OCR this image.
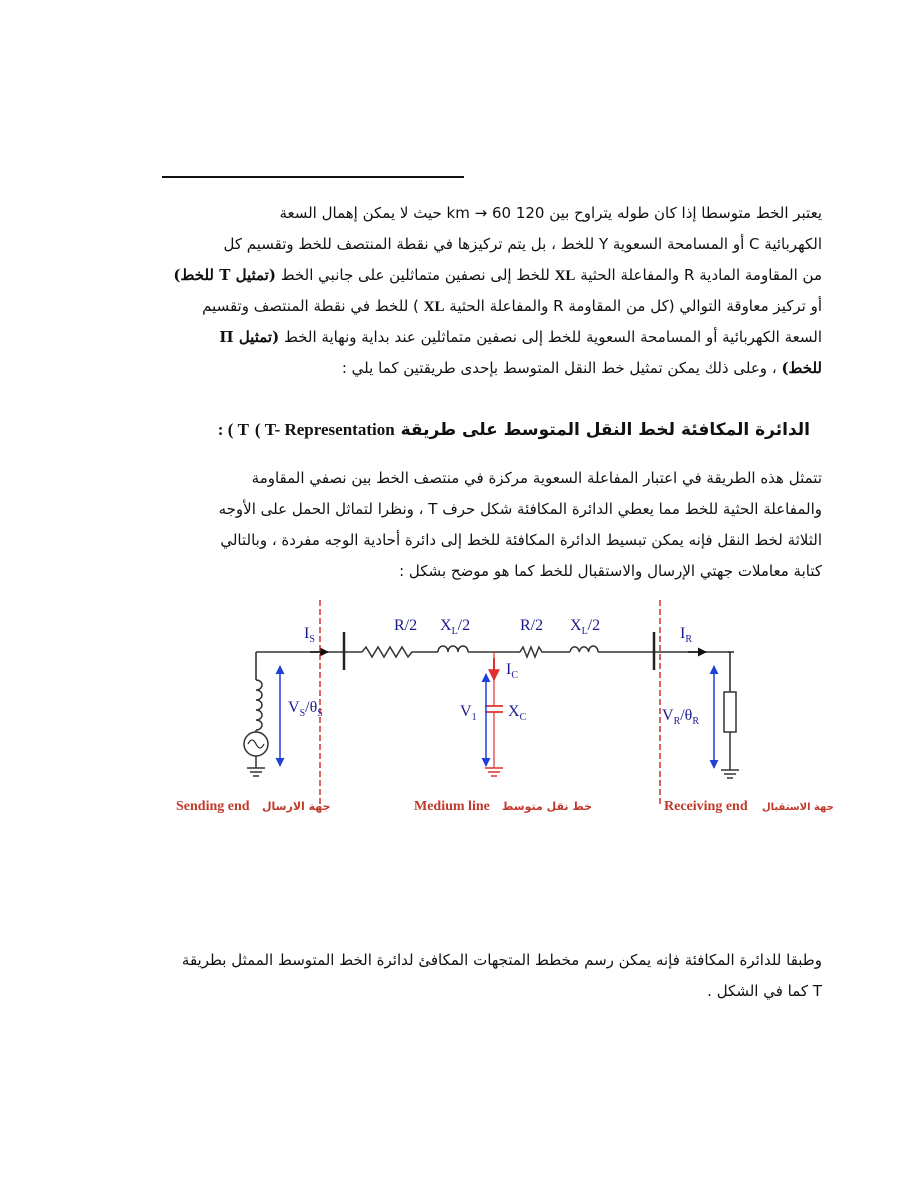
يعتبر الخط متوسطا إذا كان طوله يتراوح بين 120 km → 60 حيث لا يمكن إهمال السعة
الكهربائية C أو المسامحة السعوية Y للخط ، بل يتم تركيزها في نقطة المنتصف للخط وتقسيم كل
من المقاومة المادية R والمفاعلة الحثية XL للخط إلى نصفين متماثلين على جانبي الخط (تمثيل T للخط)
أو تركيز معاوقة التوالي (كل من المقاومة R والمفاعلة الحثية XL ) للخط في نقطة المنتصف وتقسيم
السعة الكهربائية أو المسامحة السعوية للخط إلى نصفين متماثلين عند بداية ونهاية الخط (تمثيل Π
للخط) ، وعلى ذلك يمكن تمثيل خط النقل المتوسط بإحدى طريقتين كما يلي :
الدائرة المكافئة لخط النقل المتوسط على طريقة ( T- Representation T ) :
تتمثل هذه الطريقة في اعتبار المفاعلة السعوية مركزة في منتصف الخط بين نصفي المقاومة
والمفاعلة الحثية للخط مما يعطي الدائرة المكافئة شكل حرف T ، ونظرا لتماثل الحمل على الأوجه
الثلاثة لخط النقل فإنه يمكن تبسيط الدائرة المكافئة للخط إلى دائرة أحادية الوجه مفردة ، وبالتالي
كتابة معاملات جهتي الإرسال والاستقبال للخط كما هو موضح بشكل :
R/2 $X_L/2$	R/2 $X_L/2$
$I_S$	$I_R$
$I_C$
$V_S/\theta_S$	$V_1$ $X_C$	$V_R/\theta_R$
Sending end جهة الارسال	Medium line خط نقل متوسط	Receiving end جهة الاستقبال
وطبقا للدائرة المكافئة فإنه يمكن رسم مخطط المتجهات المكافئ لدائرة الخط المتوسط الممثل بطريقة
T كما في الشكل .
